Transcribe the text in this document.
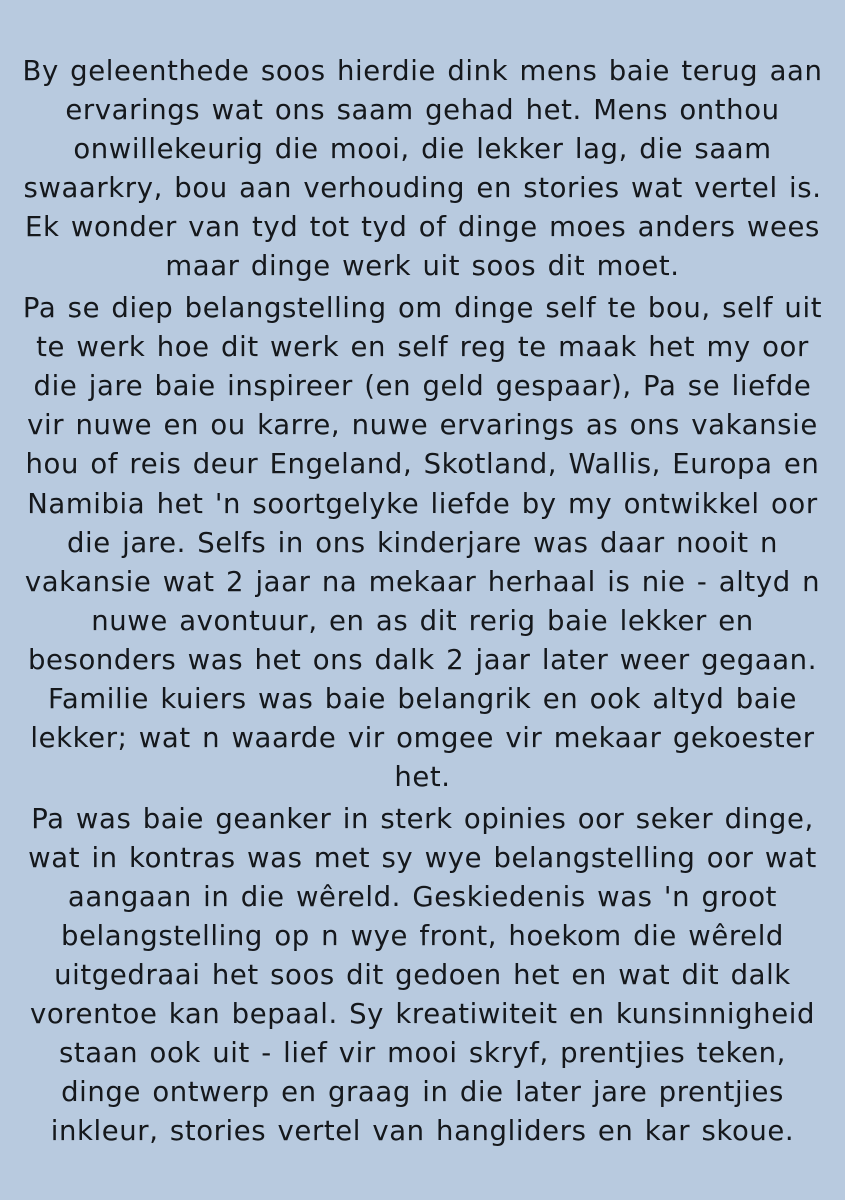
By geleenthede soos hierdie dink mens baie terug aan ervarings wat ons saam gehad het. Mens onthou onwillekeurig die mooi, die lekker lag, die saam swaarkry, bou aan verhouding en stories wat vertel is. Ek wonder van tyd tot tyd of dinge moes anders wees maar dinge werk uit soos dit moet.

Pa se diep belangstelling om dinge self te bou, self uit te werk hoe dit werk en self reg te maak het my oor die jare baie inspireer (en geld gespaar), Pa se liefde vir nuwe en ou karre, nuwe ervarings as ons vakansie hou of reis deur Engeland, Skotland, Wallis, Europa en Namibia het 'n soortgelyke liefde by my ontwikkel oor die jare. Selfs in ons kinderjare was daar nooit n vakansie wat 2 jaar na mekaar herhaal is nie - altyd n nuwe avontuur, en as dit rerig baie lekker en besonders was het ons dalk 2 jaar later weer gegaan. Familie kuiers was baie belangrik en ook altyd baie lekker; wat n waarde vir omgee vir mekaar gekoester het.

Pa was baie geanker in sterk opinies oor seker dinge, wat in kontras was met sy wye belangstelling oor wat aangaan in die wêreld. Geskiedenis was 'n groot belangstelling op n wye front, hoekom die wêreld uitgedraai het soos dit gedoen het en wat dit dalk vorentoe kan bepaal. Sy kreatiwiteit en kunsinnigheid staan ook uit - lief vir mooi skryf, prentjies teken, dinge ontwerp en graag in die later jare prentjies inkleur, stories vertel van hangliders en kar skoue.
